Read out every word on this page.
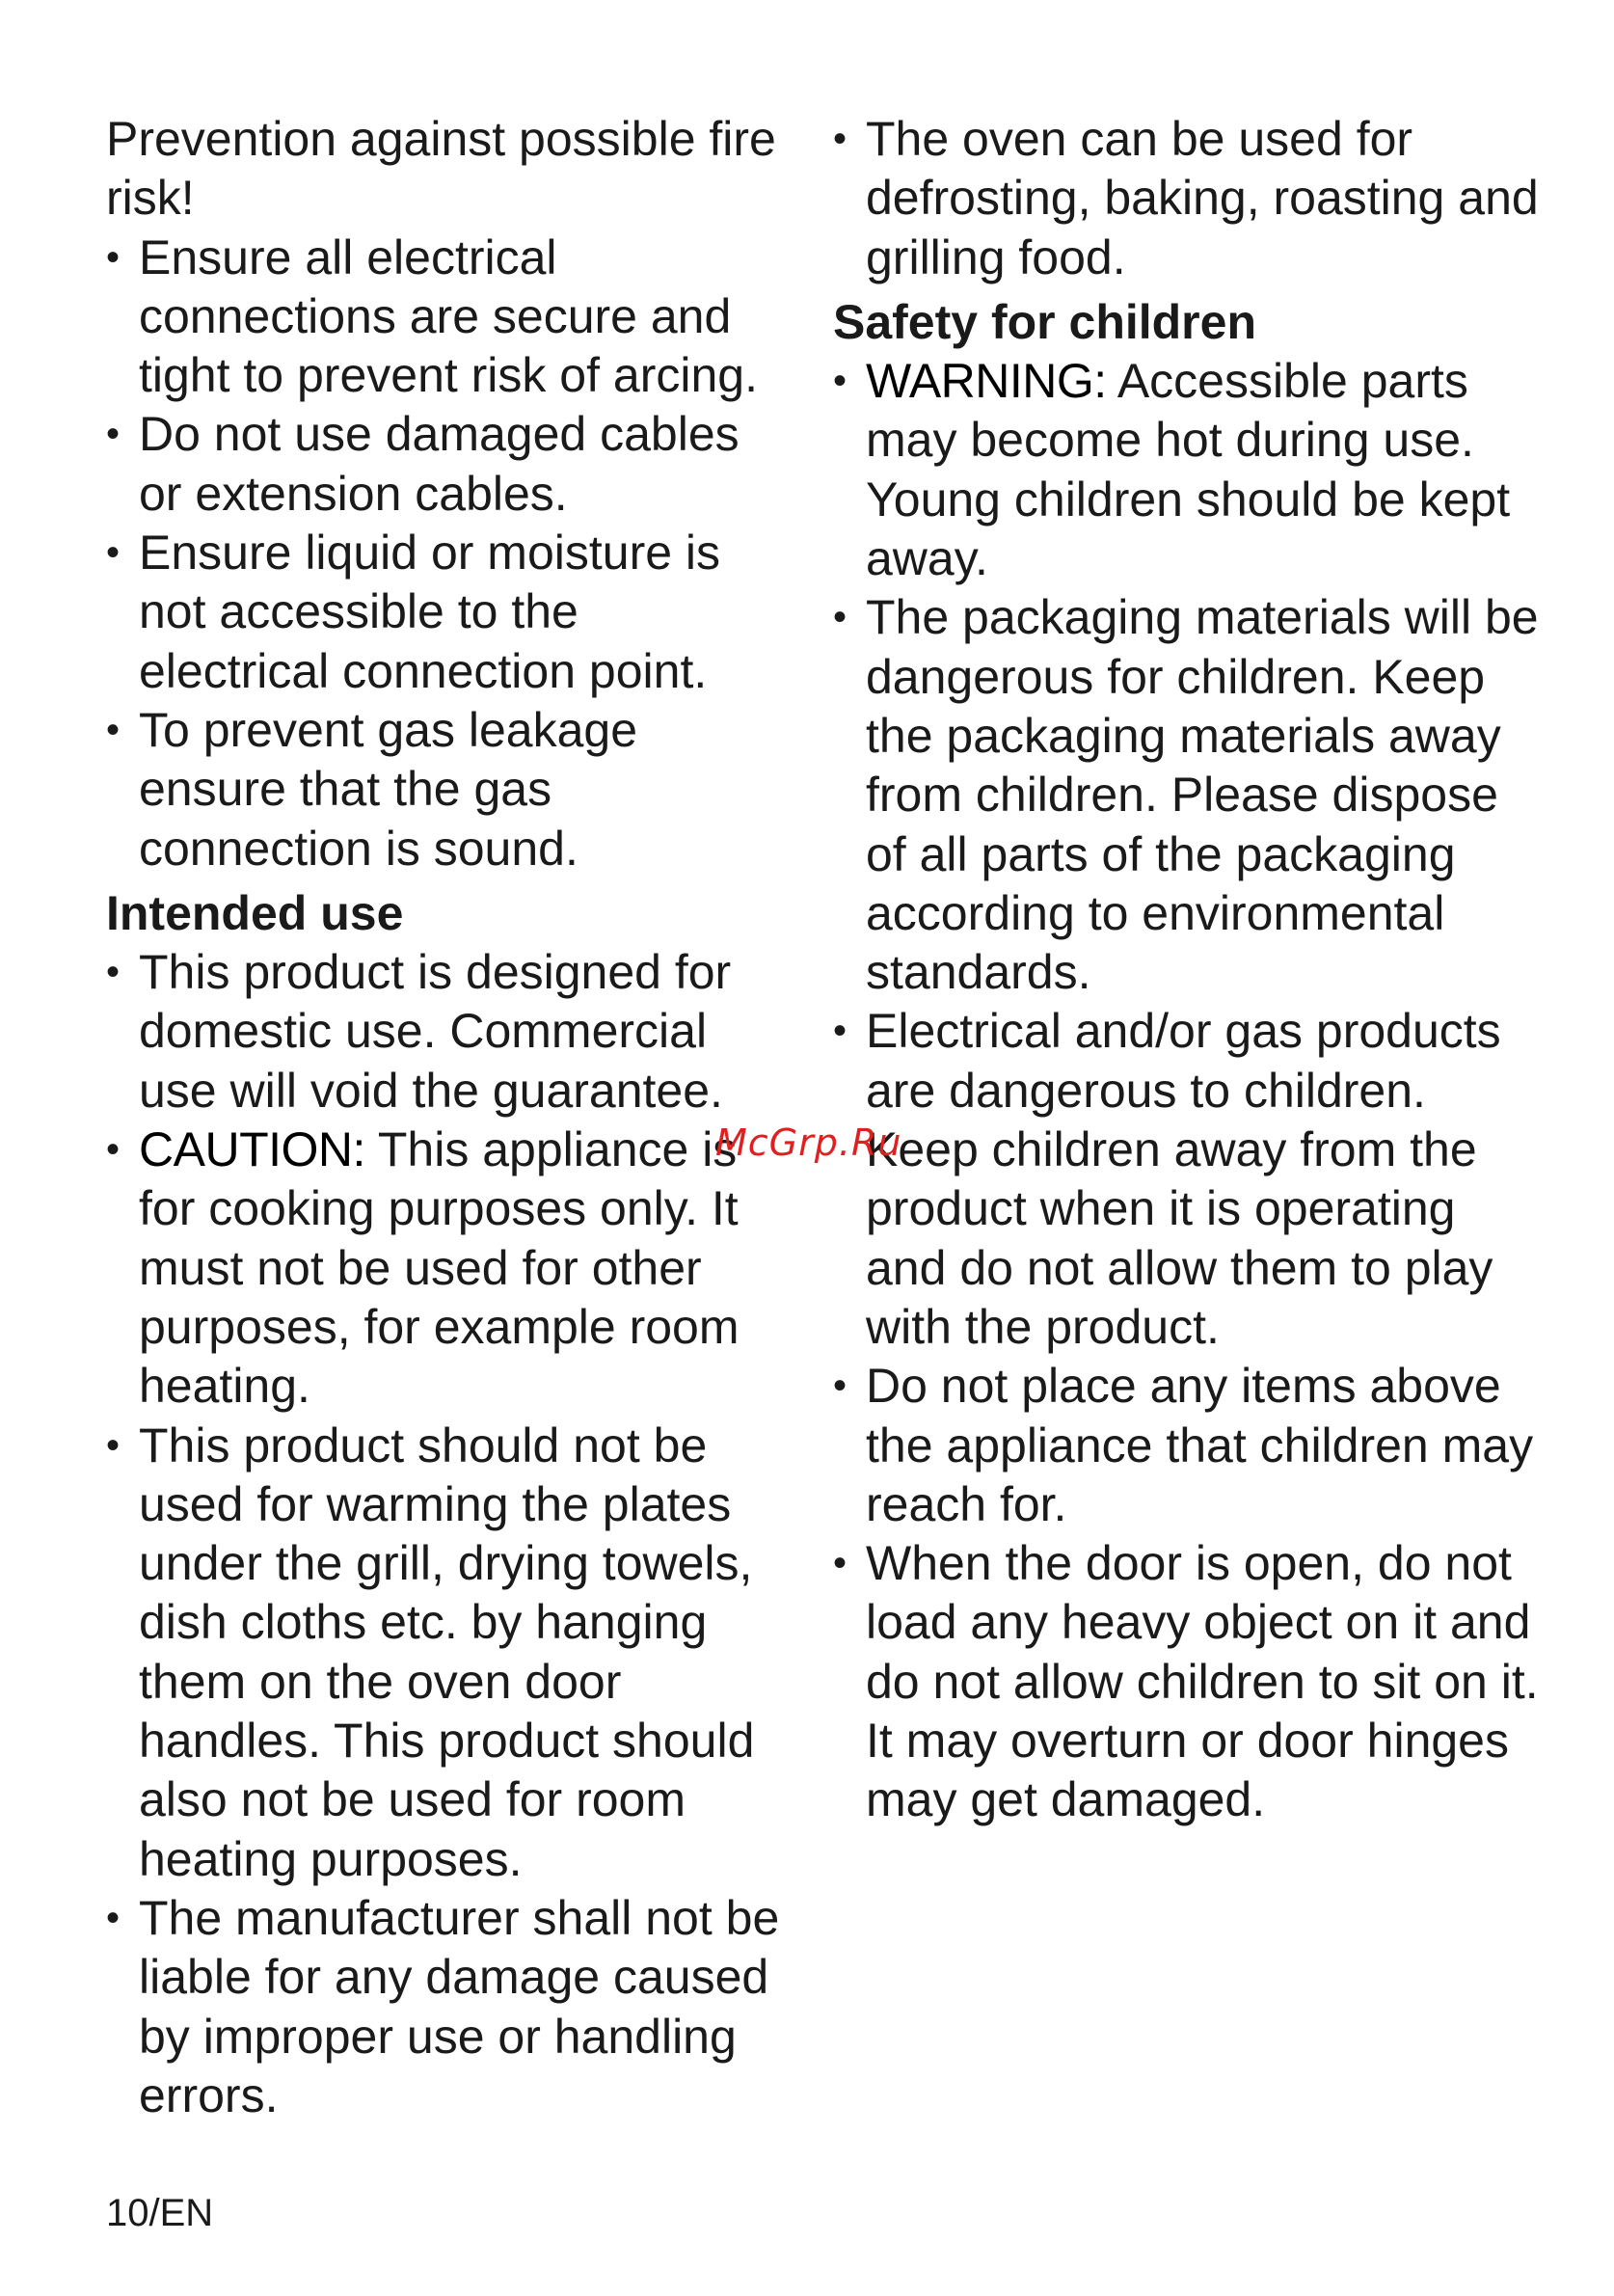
Prevention against possible fire risk!

• Ensure all electrical connections are secure and tight to prevent risk of arcing.
• Do not use damaged cables or extension cables.
• Ensure liquid or moisture is not accessible to the electrical connection point.
• To prevent gas leakage ensure that the gas connection is sound.
Intended use
• This product is designed for domestic use. Commercial use will void the guarantee.
• CAUTION: This appliance is for cooking purposes only. It must not be used for other purposes, for example room heating.
• This product should not be used for warming the plates under the grill, drying towels, dish cloths etc. by hanging them on the oven door handles. This product should also not be used for room heating purposes.
• The manufacturer shall not be liable for any damage caused by improper use or handling errors.
• The oven can be used for defrosting, baking, roasting and grilling food.
Safety for children
• WARNING: Accessible parts may become hot during use. Young children should be kept away.
• The packaging materials will be dangerous for children. Keep the packaging materials away from children. Please dispose of all parts of the packaging according to environmental standards.
• Electrical and/or gas products are dangerous to children. Keep children away from the product when it is operating and do not allow them to play with the product.
• Do not place any items above the appliance that children may reach for.
• When the door is open, do not load any heavy object on it and do not allow children to sit on it. It may overturn or door hinges may get damaged.
McGrp.Ru
10/EN
